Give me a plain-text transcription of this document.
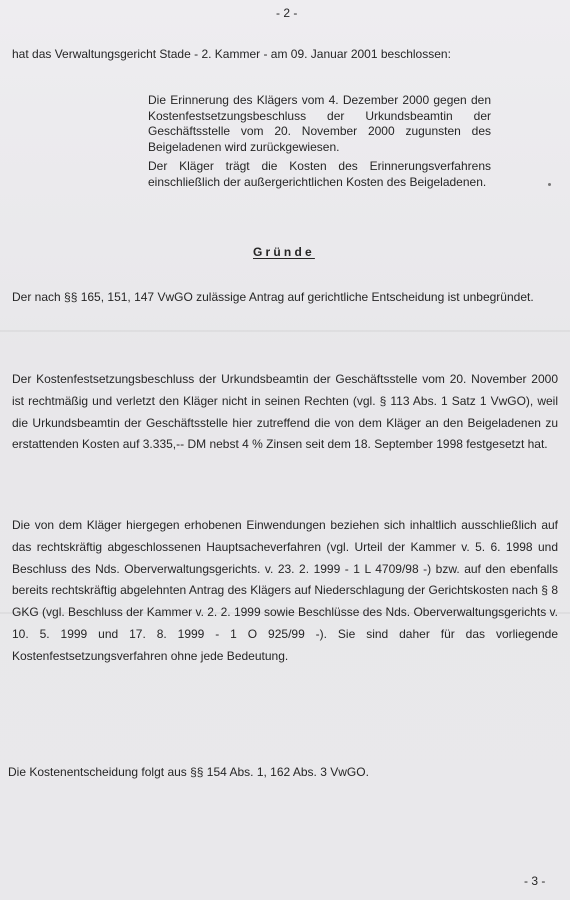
- 2 -
hat das Verwaltungsgericht Stade - 2. Kammer - am 09. Januar 2001 beschlossen:
Die Erinnerung des Klägers vom 4. Dezember 2000 gegen den Kostenfestsetzungsbeschluss der Urkundsbeamtin der Geschäftsstelle vom 20. November 2000 zugunsten des Beigeladenen wird zurückgewiesen.
Der Kläger trägt die Kosten des Erinnerungsverfahrens einschließlich der außergerichtlichen Kosten des Beigeladenen.
Gründe
Der nach §§ 165, 151, 147 VwGO zulässige Antrag auf gerichtliche Entscheidung ist unbegründet.
Der Kostenfestsetzungsbeschluss der Urkundsbeamtin der Geschäftsstelle vom 20. November 2000 ist rechtmäßig und verletzt den Kläger nicht in seinen Rechten (vgl. § 113 Abs. 1 Satz 1 VwGO), weil die Urkundsbeamtin der Geschäftsstelle hier zutreffend die von dem Kläger an den Beigeladenen zu erstattenden Kosten auf 3.335,-- DM nebst 4 % Zinsen seit dem 18. September 1998 festgesetzt hat.
Die von dem Kläger hiergegen erhobenen Einwendungen beziehen sich inhaltlich ausschließlich auf das rechtskräftig abgeschlossenen Hauptsacheverfahren (vgl. Urteil der Kammer v. 5. 6. 1998 und Beschluss des Nds. Oberverwaltungsgerichts. v. 23. 2. 1999 - 1 L 4709/98 -) bzw. auf den ebenfalls bereits rechtskräftig abgelehnten Antrag des Klägers auf Niederschlagung der Gerichtskosten nach § 8 GKG (vgl. Beschluss der Kammer v. 2. 2. 1999 sowie Beschlüsse des Nds. Oberverwaltungsgerichts v. 10. 5. 1999 und 17. 8. 1999 - 1 O 925/99 -). Sie sind daher für das vorliegende Kostenfestsetzungsverfahren ohne jede Bedeutung.
Die Kostenentscheidung folgt aus §§ 154 Abs. 1, 162 Abs. 3 VwGO.
- 3 -
